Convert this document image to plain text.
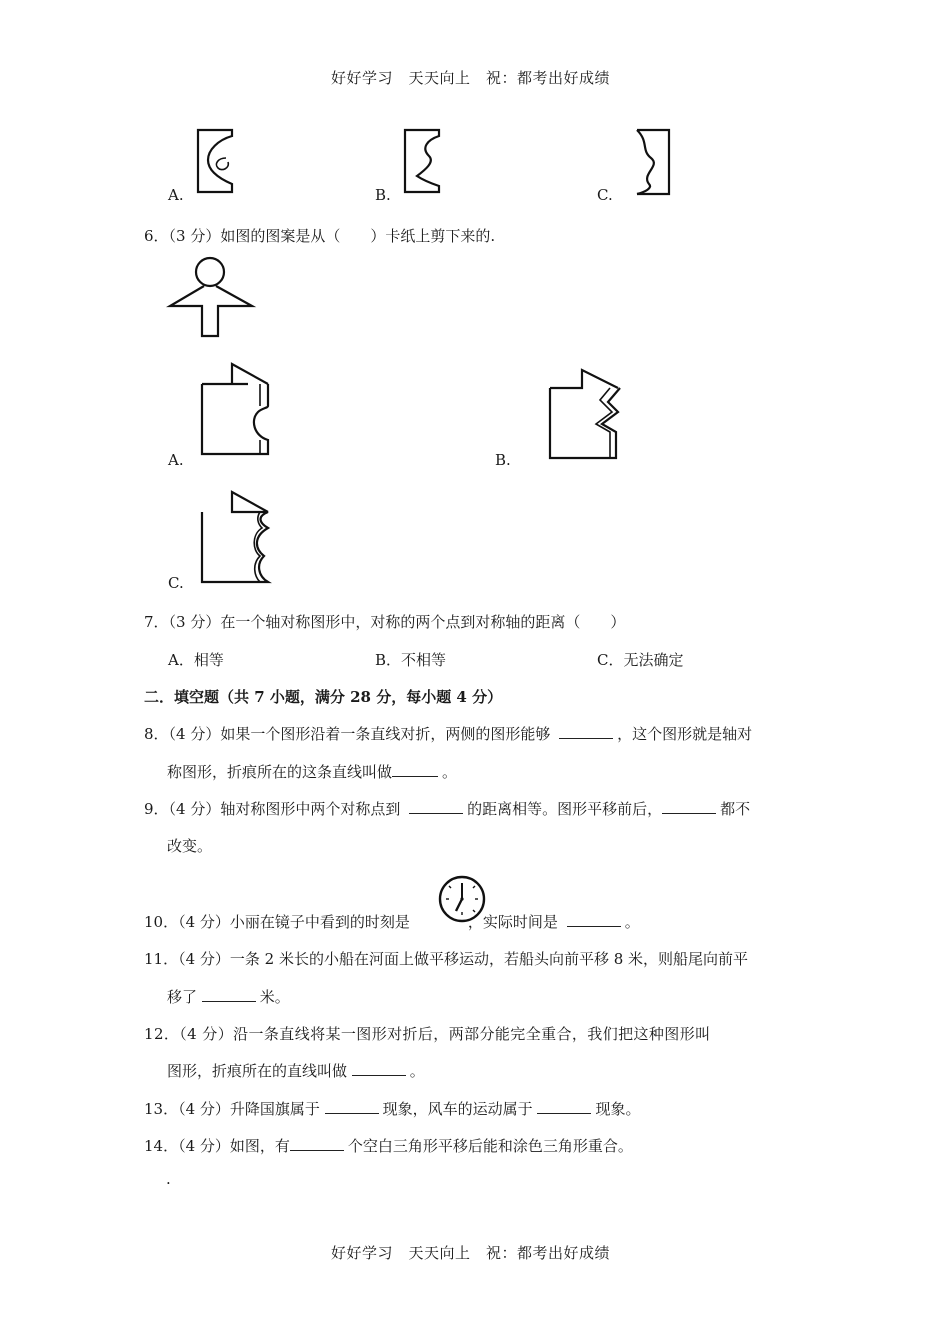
好好学习　天天向上　祝：都考出好成绩
A.	B.	C.
6．（3 分）如图的图案是从（　　）卡纸上剪下来的.
A.	B.
C.
7．（3 分）在一个轴对称图形中，对称的两个点到对称轴的距离（　　）
A．相等	B．不相等	C．无法确定
二．填空题（共 7 小题，满分 28 分，每小题 4 分）
8．（4 分）如果一个图形沿着一条直线对折，两侧的图形能够	，这个图形就是轴对
称图形，折痕所在的这条直线叫做	。
9．（4 分）轴对称图形中两个对称点到	的距离相等。图形平移前后，	都不
改变。
10．（4 分）小丽在镜子中看到的时刻是	，实际时间是	。
11．（4 分）一条 2 米长的小船在河面上做平移运动，若船头向前平移 8 米，则船尾向前平
移了	米。
12．（4 分）沿一条直线将某一图形对折后，两部分能完全重合，我们把这种图形叫
图形，折痕所在的直线叫做	。
13．（4 分）升降国旗属于	现象，风车的运动属于	现象。
14．（4 分）如图，有	个空白三角形平移后能和涂色三角形重合。
.
好好学习　天天向上　祝：都考出好成绩
